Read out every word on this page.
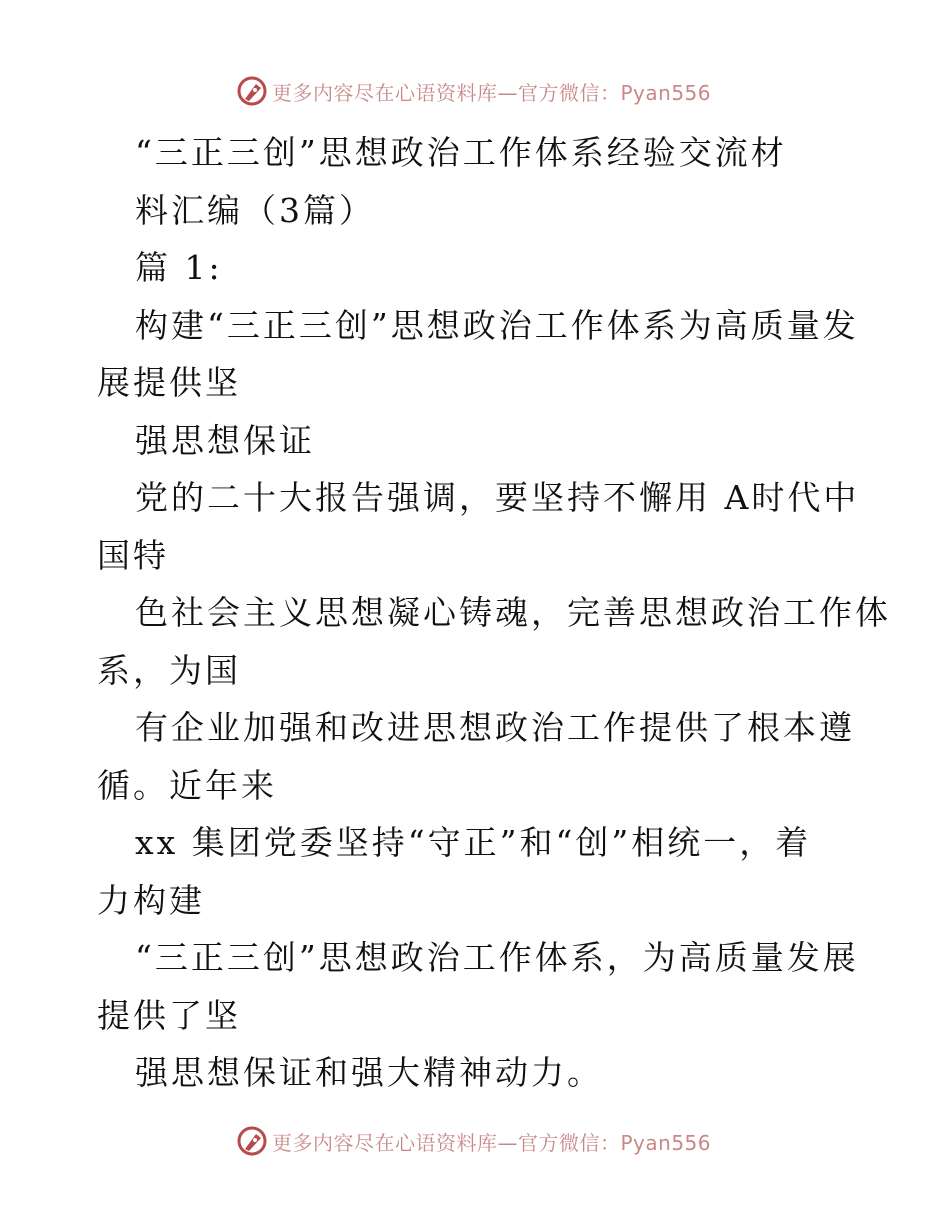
更多内容尽在心语资料库—官方微信：Pyan556
“三正三创”思想政治工作体系经验交流材
料汇编（3篇）
篇 1:
构建“三正三创”思想政治工作体系为高质量发
展提供坚
强思想保证
党的二十大报告强调，要坚持不懈用 A时代中
国特
色社会主义思想凝心铸魂，完善思想政治工作体
系，为国
有企业加强和改进思想政治工作提供了根本遵
循。近年来
xx 集团党委坚持“守正”和“创”相统一，着
力构建
“三正三创”思想政治工作体系，为高质量发展
提供了坚
强思想保证和强大精神动力。
更多内容尽在心语资料库—官方微信：Pyan556
